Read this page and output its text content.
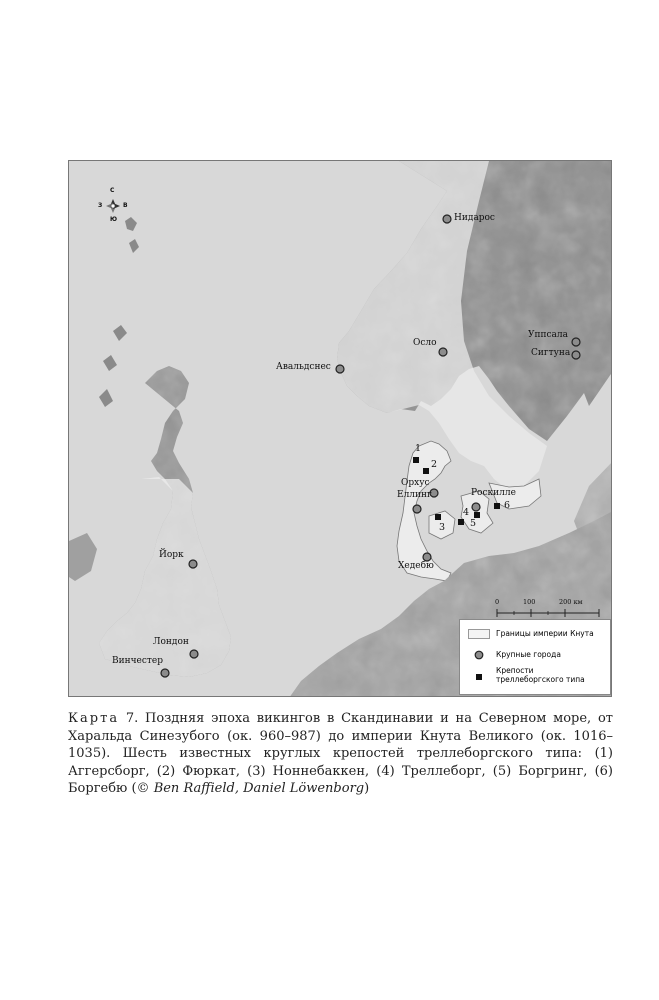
С
Ю
З	В
Нидарос
Уппсала
Сигтуна
Осло
Авальдснес
Орхус
Еллинг	Роскилле
Хедебю
Йорк
Лондон
Винчестер
1
2
3
4
5
6
0	100	200 км
Границы империи Кнута
Крупные города
Крепости
треллеборгского типа
Карта 7. Поздняя эпоха викингов в Скандинавии и на Северном море, от Харальда Синезубого (ок. 960–987) до империи Кнута Великого (ок. 1016–1035). Шесть известных круглых крепостей треллеборгского типа: (1) Аггерсборг, (2) Фюркат, (3) Ноннебаккен, (4) Треллеборг, (5) Боргринг, (6) Боргебю (© Ben Raffield, Daniel Löwenborg)
